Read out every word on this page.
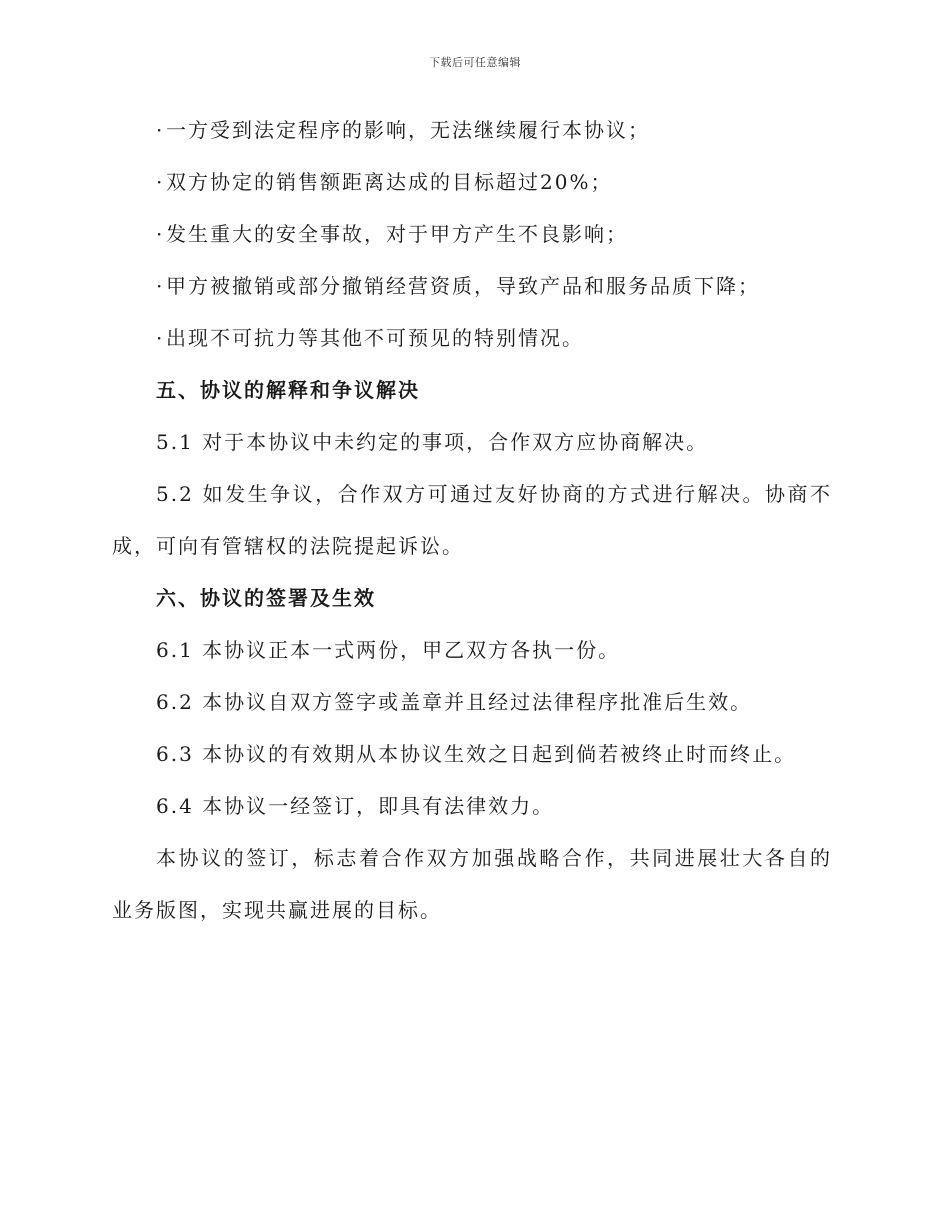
下载后可任意编辑
· 一方受到法定程序的影响，无法继续履行本协议；
· 双方协定的销售额距离达成的目标超过20%；
· 发生重大的安全事故，对于甲方产生不良影响；
· 甲方被撤销或部分撤销经营资质，导致产品和服务品质下降；
· 出现不可抗力等其他不可预见的特别情况。
五、协议的解释和争议解决
5.1 对于本协议中未约定的事项，合作双方应协商解决。
5.2 如发生争议，合作双方可通过友好协商的方式进行解决。协商不成，可向有管辖权的法院提起诉讼。
六、协议的签署及生效
6.1 本协议正本一式两份，甲乙双方各执一份。
6.2 本协议自双方签字或盖章并且经过法律程序批准后生效。
6.3 本协议的有效期从本协议生效之日起到倘若被终止时而终止。
6.4 本协议一经签订，即具有法律效力。
本协议的签订，标志着合作双方加强战略合作，共同进展壮大各自的业务版图，实现共赢进展的目标。
